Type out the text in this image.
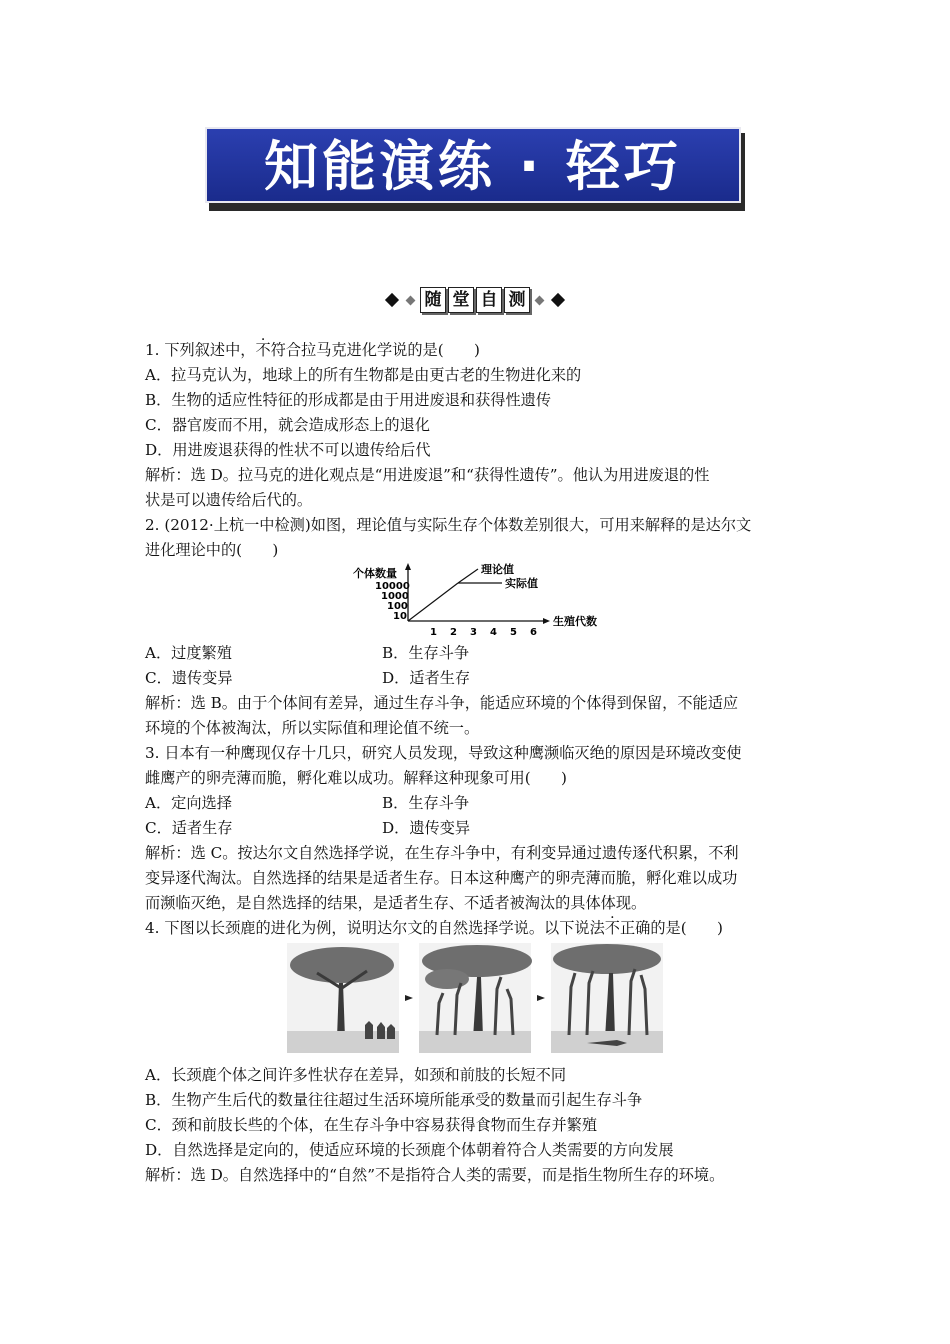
知能演练 · 轻巧
随 堂 自 测
1. 下列叙述中，不符合拉马克进化学说的是(　　)
A．拉马克认为，地球上的所有生物都是由更古老的生物进化来的
B．生物的适应性特征的形成都是由于用进废退和获得性遗传
C．器官废而不用，就会造成形态上的退化
D．用进废退获得的性状不可以遗传给后代
解析：选 D。拉马克的进化观点是“用进废退”和“获得性遗传”。他认为用进废退的性
状是可以遗传给后代的。
2. (2012·上杭一中检测)如图，理论值与实际生存个体数差别很大，可用来解释的是达尔文
进化理论中的(　　)
个体数量
10000
1000
100
10	生殖代数
1 2 3 4 5 6
理论值
实际值
A．过度繁殖	B．生存斗争
C．遗传变异	D．适者生存
解析：选 B。由于个体间有差异，通过生存斗争，能适应环境的个体得到保留，不能适应
环境的个体被淘汰，所以实际值和理论值不统一。
3. 日本有一种鹰现仅存十几只，研究人员发现，导致这种鹰濒临灭绝的原因是环境改变使
雌鹰产的卵壳薄而脆，孵化难以成功。解释这种现象可用(　　)
A．定向选择	B．生存斗争
C．适者生存	D．遗传变异
解析：选 C。按达尔文自然选择学说，在生存斗争中，有利变异通过遗传逐代积累，不利
变异逐代淘汰。自然选择的结果是适者生存。日本这种鹰产的卵壳薄而脆，孵化难以成功
而濒临灭绝，是自然选择的结果，是适者生存、不适者被淘汰的具体体现。
4. 下图以长颈鹿的进化为例，说明达尔文的自然选择学说。以下说法不正确的是(　　)
A．长颈鹿个体之间许多性状存在差异，如颈和前肢的长短不同
B．生物产生后代的数量往往超过生活环境所能承受的数量而引起生存斗争
C．颈和前肢长些的个体，在生存斗争中容易获得食物而生存并繁殖
D．自然选择是定向的，使适应环境的长颈鹿个体朝着符合人类需要的方向发展
解析：选 D。自然选择中的“自然”不是指符合人类的需要，而是指生物所生存的环境。
